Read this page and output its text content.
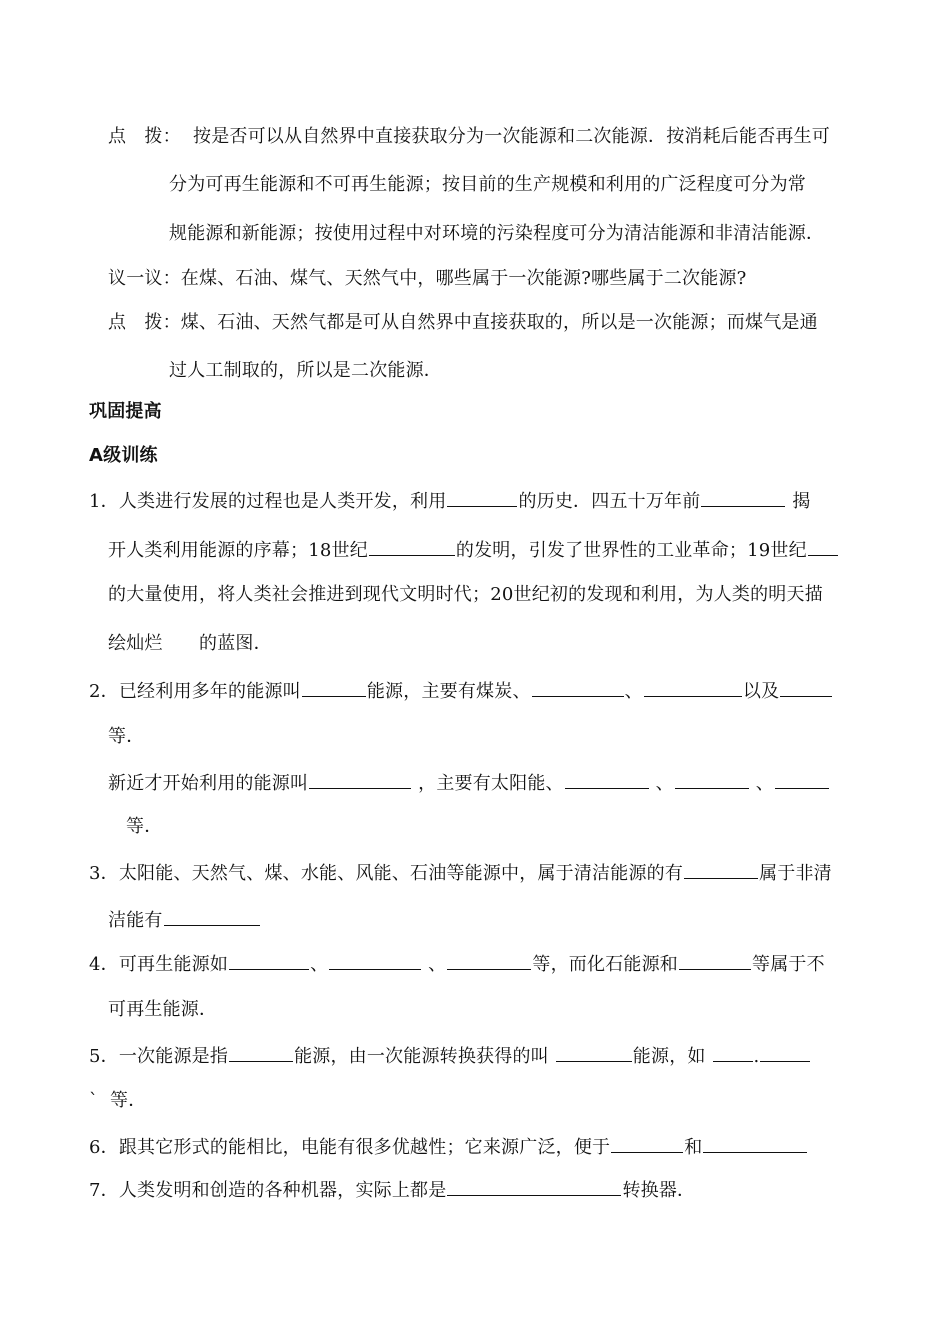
点　拨： 按是否可以从自然界中直接获取分为一次能源和二次能源．按消耗后能否再生可
分为可再生能源和不可再生能源；按目前的生产规模和利用的广泛程度可分为常
规能源和新能源；按使用过程中对环境的污染程度可分为清洁能源和非清洁能源．
议一议：在煤、石油、煤气、天然气中，哪些属于一次能源?哪些属于二次能源?
点　拨：煤、石油、天然气都是可从自然界中直接获取的，所以是一次能源；而煤气是通
过人工制取的，所以是二次能源．
巩固提高
A级训练
1．人类进行发展的过程也是人类开发，利用	的历史．四五十万年前	揭
开人类利用能源的序幕；18世纪	的发明，引发了世界性的工业革命；19世纪
的大量使用，将人类社会推进到现代文明时代；20世纪初的发现和利用，为人类的明天描
绘灿烂　　的蓝图．
2．已经利用多年的能源叫	能源，主要有煤炭、	、	以及
等．
新近才开始利用的能源叫	，主要有太阳能、	、	、
等．
3．太阳能、天然气、煤、水能、风能、石油等能源中，属于清洁能源的有	属于非清
洁能有
4．可再生能源如	、	、	等，而化石能源和	等属于不
可再生能源．
5．一次能源是指	能源，由一次能源转换获得的叫	能源，如 .
` 等．
6．跟其它形式的能相比，电能有很多优越性；它来源广泛，便于	和
7．人类发明和创造的各种机器，实际上都是	转换器．
